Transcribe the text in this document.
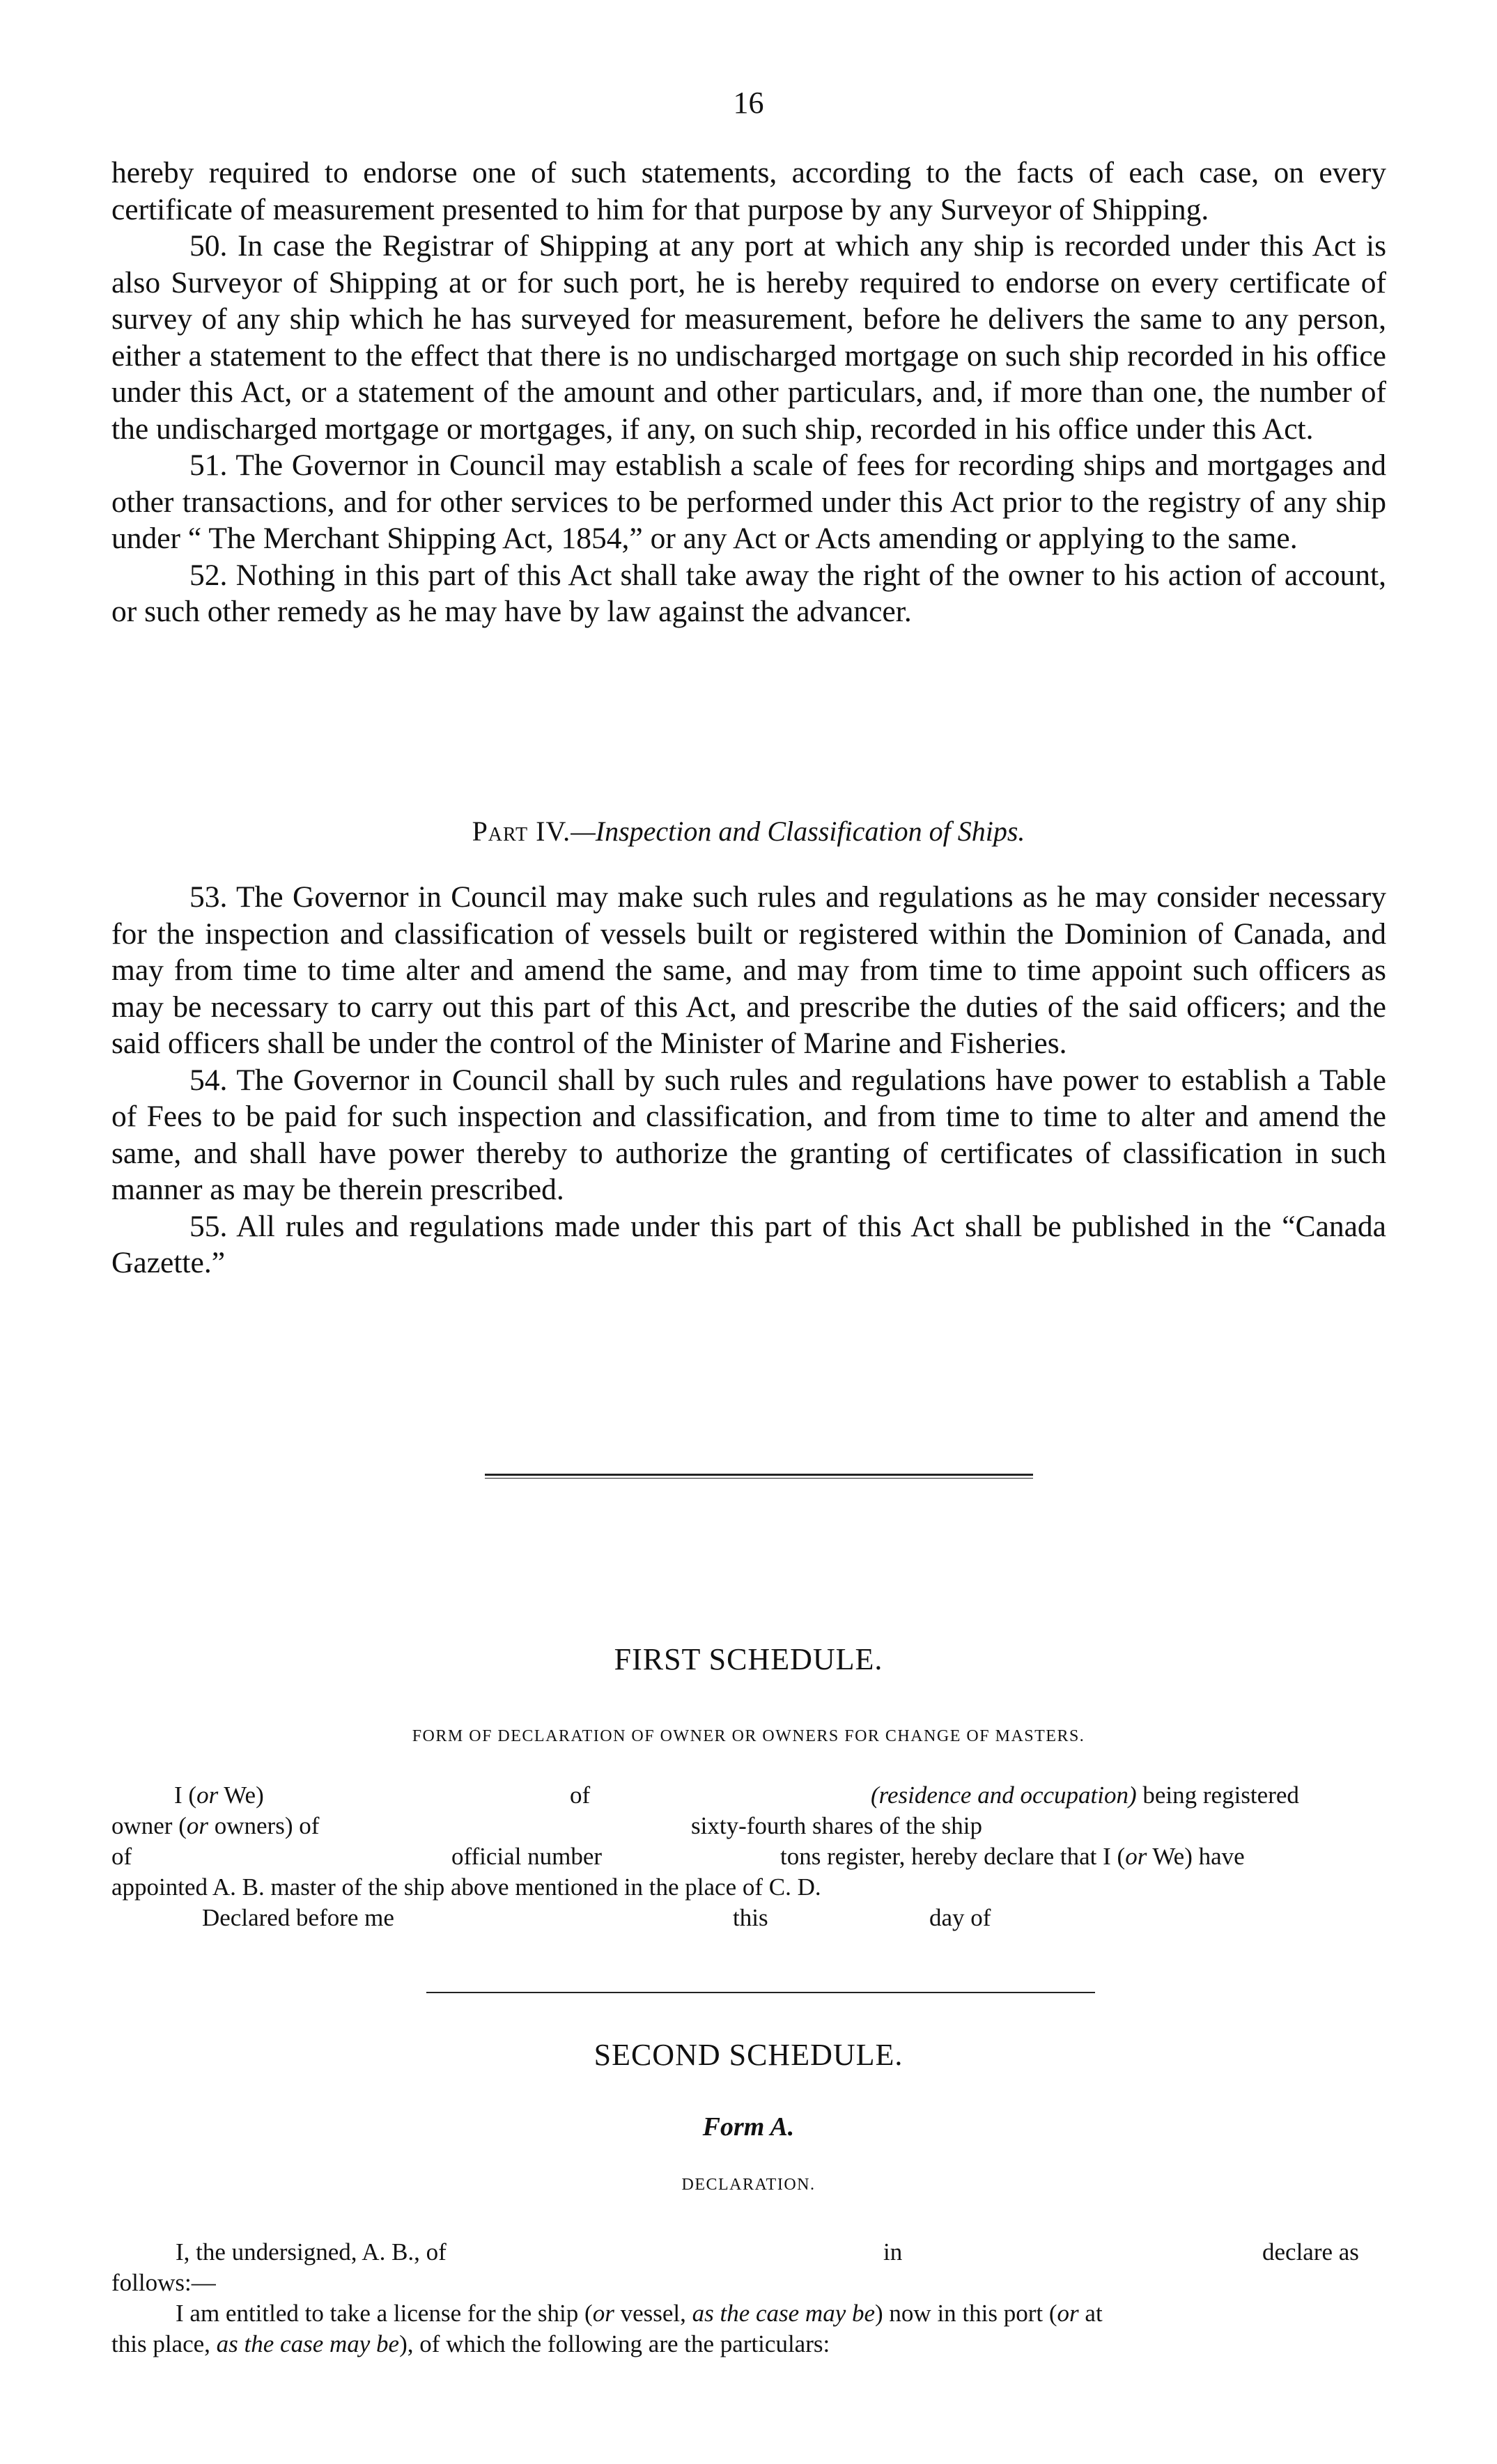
16

hereby required to endorse one of such statements, according to the facts of each case, on every certificate of measurement presented to him for that purpose by any Surveyor of Shipping.

50. In case the Registrar of Shipping at any port at which any ship is recorded under this Act is also Surveyor of Shipping at or for such port, he is hereby required to endorse on every certificate of survey of any ship which he has surveyed for measurement, before he delivers the same to any person, either a statement to the effect that there is no undischarged mortgage on such ship recorded in his office under this Act, or a statement of the amount and other particulars, and, if more than one, the number of the undischarged mortgage or mortgages, if any, on such ship, recorded in his office under this Act.

51. The Governor in Council may establish a scale of fees for recording ships and mortgages and other transactions, and for other services to be performed under this Act prior to the registry of any ship under “ The Merchant Shipping Act, 1854,” or any Act or Acts amending or applying to the same.

52. Nothing in this part of this Act shall take away the right of the owner to his action of account, or such other remedy as he may have by law against the advancer.

Part IV.—Inspection and Classification of Ships.

53. The Governor in Council may make such rules and regulations as he may consider necessary for the inspection and classification of vessels built or registered within the Dominion of Canada, and may from time to time alter and amend the same, and may from time to time appoint such officers as may be necessary to carry out this part of this Act, and prescribe the duties of the said officers; and the said officers shall be under the control of the Minister of Marine and Fisheries.

54. The Governor in Council shall by such rules and regulations have power to establish a Table of Fees to be paid for such inspection and classification, and from time to time to alter and amend the same, and shall have power thereby to authorize the granting of certificates of classification in such manner as may be therein prescribed.

55. All rules and regulations made under this part of this Act shall be published in the “Canada Gazette.”

FIRST SCHEDULE.
FORM OF DECLARATION OF OWNER OR OWNERS FOR CHANGE OF MASTERS.
I (or We)	of	(residence and occupation) being registered
owner (or owners) of	sixty-fourth shares of the ship
of	official number	tons register, hereby declare that I (or We) have
appointed A. B. master of the ship above mentioned in the place of C. D.
Declared before me	this	day of
SECOND SCHEDULE.
Form A.
DECLARATION.
I, the undersigned, A. B., of	in	declare as
follows:—
I am entitled to take a license for the ship (or vessel, as the case may be) now in this port (or at
this place, as the case may be), of which the following are the particulars:
